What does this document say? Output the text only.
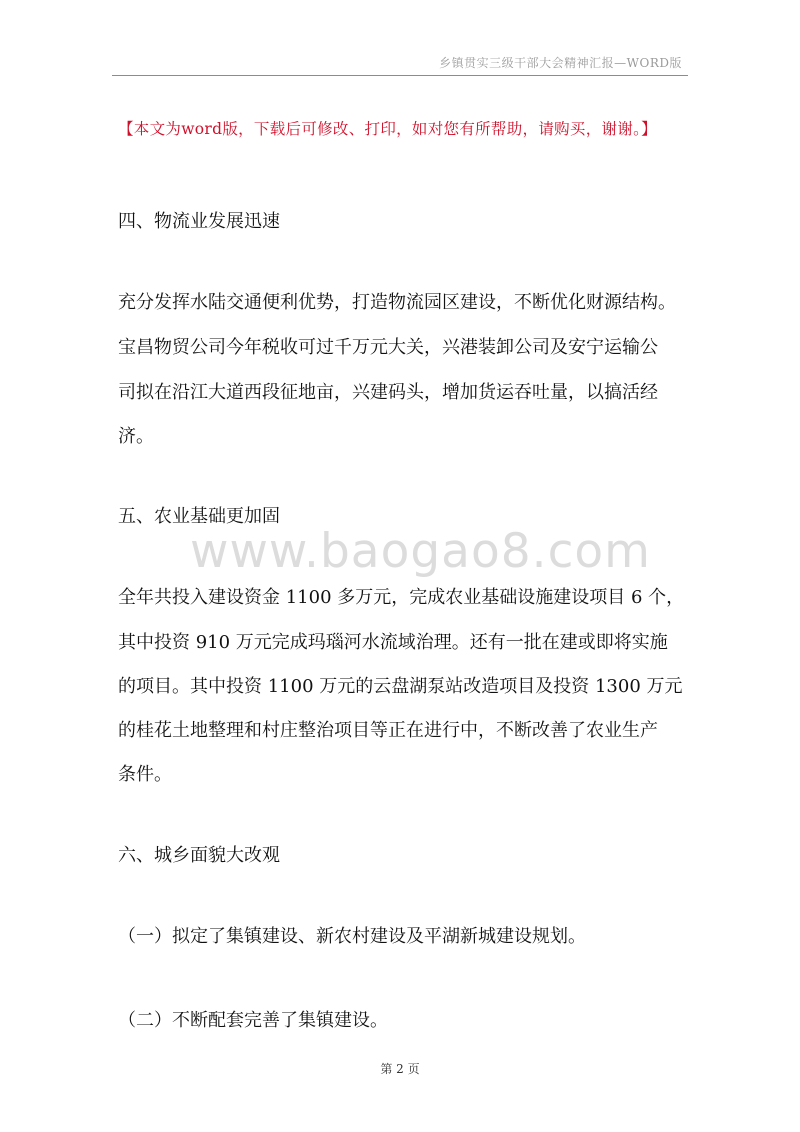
乡镇贯实三级干部大会精神汇报—WORD版
【本文为word版，下载后可修改、打印，如对您有所帮助，请购买，谢谢。】
四、物流业发展迅速
充分发挥水陆交通便利优势，打造物流园区建设，不断优化财源结构。
宝昌物贸公司今年税收可过千万元大关，兴港装卸公司及安宁运输公
司拟在沿江大道西段征地亩，兴建码头，增加货运吞吐量，以搞活经
济。
五、农业基础更加固
www.baogao8.com
全年共投入建设资金 1100 多万元，完成农业基础设施建设项目 6 个，
其中投资 910 万元完成玛瑙河水流域治理。还有一批在建或即将实施
的项目。其中投资 1100 万元的云盘湖泵站改造项目及投资 1300 万元
的桂花土地整理和村庄整治项目等正在进行中，不断改善了农业生产
条件。
六、城乡面貌大改观
（一）拟定了集镇建设、新农村建设及平湖新城建设规划。
（二）不断配套完善了集镇建设。
第 2 页
